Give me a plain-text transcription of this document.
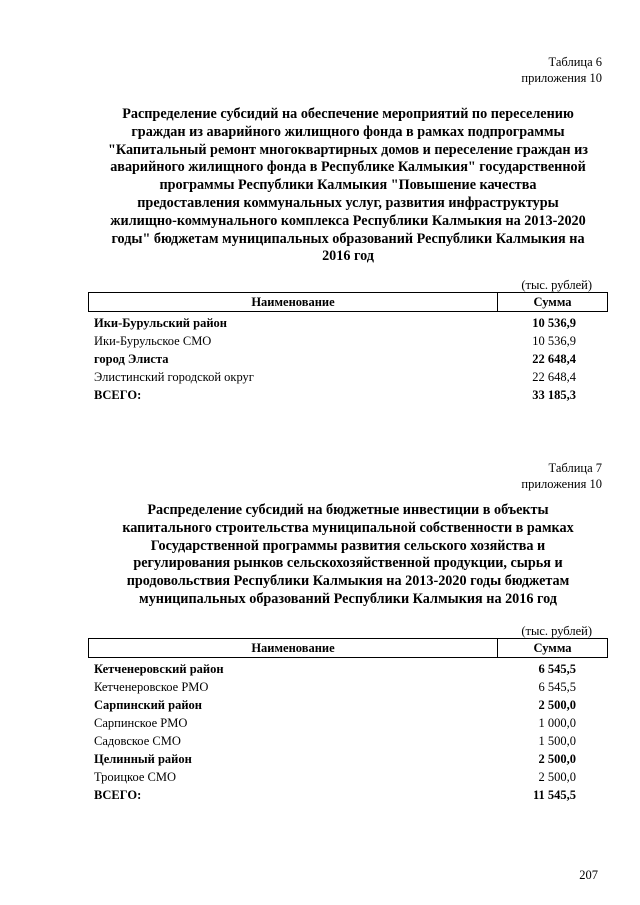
Таблица 6
приложения 10
Распределение субсидий на обеспечение мероприятий по переселению
граждан из аварийного жилищного фонда в рамках подпрограммы
"Капитальный ремонт многоквартирных домов и переселение граждан из
аварийного жилищного фонда в Республике Калмыкия" государственной
программы Республики Калмыкия "Повышение качества
предоставления коммунальных услуг, развития инфраструктуры
жилищно-коммунального комплекса Республики Калмыкия на 2013-2020
годы" бюджетам муниципальных образований Республики Калмыкия на
2016 год
(тыс. рублей)
Наименование	Сумма
Ики-Бурульский район	10 536,9
Ики-Бурульское СМО	10 536,9
город Элиста	22 648,4
Элистинский городской округ	22 648,4
ВСЕГО:	33 185,3
Таблица 7
приложения 10
Распределение субсидий на бюджетные инвестиции в объекты
капитального строительства муниципальной собственности в рамках
Государственной программы развития сельского хозяйства и
регулирования рынков сельскохозяйственной продукции, сырья и
продовольствия Республики Калмыкия на 2013-2020 годы бюджетам
муниципальных образований Республики Калмыкия на 2016 год
(тыс. рублей)
Наименование	Сумма
Кетченеровский район	6 545,5
Кетченеровское РМО	6 545,5
Сарпинский район	2 500,0
Сарпинское РМО	1 000,0
Садовское СМО	1 500,0
Целинный район	2 500,0
Троицкое СМО	2 500,0
ВСЕГО:	11 545,5
207
